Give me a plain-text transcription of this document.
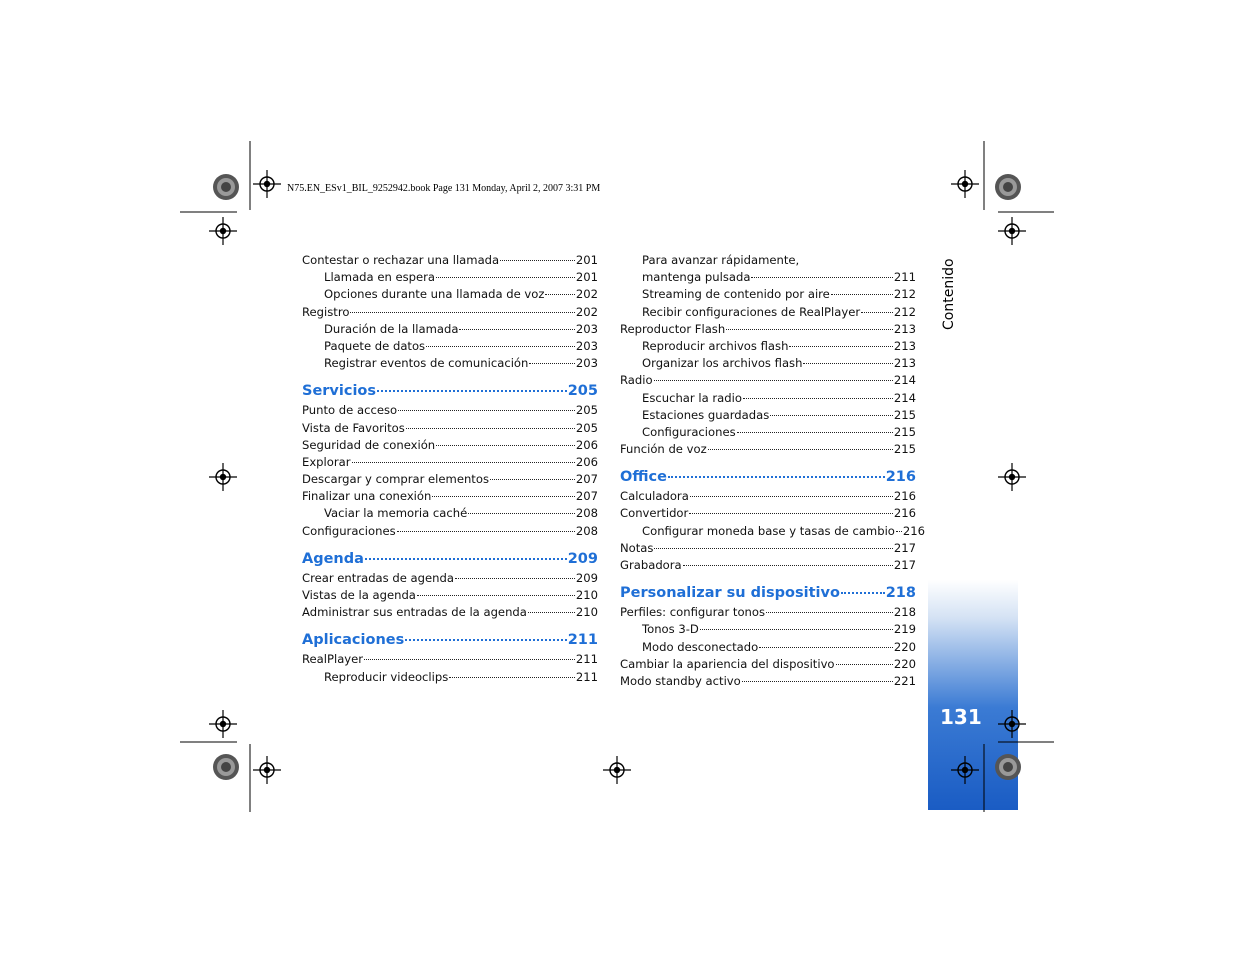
Contenido
131
N75.EN_ESv1_BIL_9252942.book Page 131 Monday, April 2, 2007 3:31 PM
Contestar o rechazar una llamada	201
Llamada en espera	201
Opciones durante una llamada de voz	202
Registro	202
Duración de la llamada	203
Paquete de datos	203
Registrar eventos de comunicación	203
Servicios	205
Punto de acceso	205
Vista de Favoritos	205
Seguridad de conexión	206
Explorar	206
Descargar y comprar elementos	207
Finalizar una conexión	207
Vaciar la memoria caché	208
Configuraciones	208
Agenda	209
Crear entradas de agenda	209
Vistas de la agenda	210
Administrar sus entradas de la agenda	210
Aplicaciones	211
RealPlayer	211
Reproducir videoclips	211
Para avanzar rápidamente,
mantenga pulsada	211
Streaming de contenido por aire	212
Recibir configuraciones de RealPlayer	212
Reproductor Flash	213
Reproducir archivos flash	213
Organizar los archivos flash	213
Radio	214
Escuchar la radio	214
Estaciones guardadas	215
Configuraciones	215
Función de voz	215
Office	216
Calculadora	216
Convertidor	216
Configurar moneda base y tasas de cambio 216
Notas	217
Grabadora	217
Personalizar su dispositivo	218
Perfiles: configurar tonos	218
Tonos 3-D	219
Modo desconectado	220
Cambiar la apariencia del dispositivo	220
Modo standby activo	221
